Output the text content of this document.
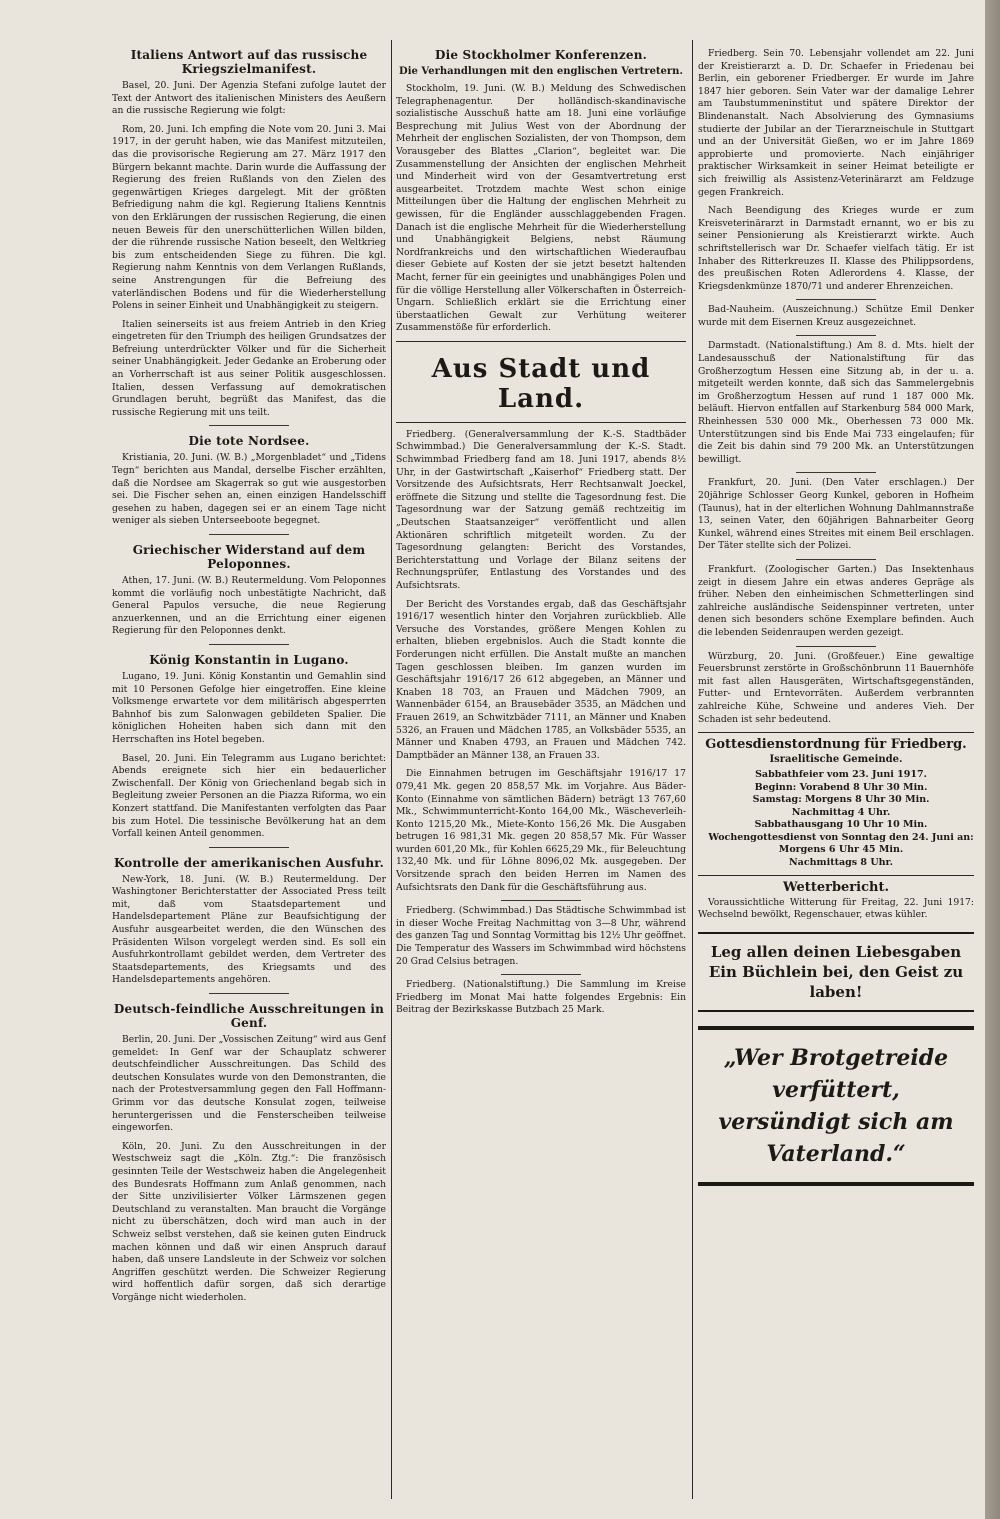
Italiens Antwort auf das russische Kriegszielmanifest.

Basel, 20. Juni. Der Agenzia Stefani zufolge lautet der Text der Antwort des italienischen Ministers des Aeußern an die russische Regierung wie folgt:

Rom, 20. Juni. Ich empfing die Note vom 20. Juni 3. Mai 1917, in der geruht haben, wie das Manifest mitzuteilen, das die provisorische Regierung am 27. März 1917 den Bürgern bekannt machte. Darin wurde die Auffassung der Regierung des freien Rußlands von den Zielen des gegenwärtigen Krieges dargelegt. Mit der größten Befriedigung nahm die kgl. Regierung Italiens Kenntnis von den Erklärungen der russischen Regierung, die einen neuen Beweis für den unerschütterlichen Willen bilden, der die rührende russische Nation beseelt, den Weltkrieg bis zum entscheidenden Siege zu führen. Die kgl. Regierung nahm Kenntnis von dem Verlangen Rußlands, seine Anstrengungen für die Befreiung des vaterländischen Bodens und für die Wiederherstellung Polens in seiner Einheit und Unabhängigkeit zu steigern.

Italien seinerseits ist aus freiem Antrieb in den Krieg eingetreten für den Triumph des heiligen Grundsatzes der Befreiung unterdrückter Völker und für die Sicherheit seiner Unabhängigkeit. Jeder Gedanke an Eroberung oder an Vorherrschaft ist aus seiner Politik ausgeschlossen. Italien, dessen Verfassung auf demokratischen Grundlagen beruht, begrüßt das Manifest, das die russische Regierung mit uns teilt.

Die tote Nordsee.

Kristiania, 20. Juni. (W. B.) „Morgenbladet“ und „Tidens Tegn“ berichten aus Mandal, derselbe Fischer erzählten, daß die Nordsee am Skagerrak so gut wie ausgestorben sei. Die Fischer sehen an, einen einzigen Handelsschiff gesehen zu haben, dagegen sei er an einem Tage nicht weniger als sieben Unterseeboote begegnet.

Griechischer Widerstand auf dem Peloponnes.

Athen, 17. Juni. (W. B.) Reutermeldung. Vom Peloponnes kommt die vorläufig noch unbestätigte Nachricht, daß General Papulos versuche, die neue Regierung anzuerkennen, und an die Errichtung einer eigenen Regierung für den Peloponnes denkt.

König Konstantin in Lugano.

Lugano, 19. Juni. König Konstantin und Gemahlin sind mit 10 Personen Gefolge hier eingetroffen. Eine kleine Volksmenge erwartete vor dem militärisch abgesperrten Bahnhof bis zum Salonwagen gebildeten Spalier. Die königlichen Hoheiten haben sich dann mit den Herrschaften ins Hotel begeben.

Basel, 20. Juni. Ein Telegramm aus Lugano berichtet: Abends ereignete sich hier ein bedauerlicher Zwischenfall. Der König von Griechenland begab sich in Begleitung zweier Personen an die Piazza Riforma, wo ein Konzert stattfand. Die Manifestanten verfolgten das Paar bis zum Hotel. Die tessinische Bevölkerung hat an dem Vorfall keinen Anteil genommen.

Kontrolle der amerikanischen Ausfuhr.

New-York, 18. Juni. (W. B.) Reutermeldung. Der Washingtoner Berichterstatter der Associated Press teilt mit, daß vom Staatsdepartement und Handelsdepartement Pläne zur Beaufsichtigung der Ausfuhr ausgearbeitet werden, die den Wünschen des Präsidenten Wilson vorgelegt werden sind. Es soll ein Ausfuhrkontrollamt gebildet werden, dem Vertreter des Staatsdepartements, des Kriegsamts und des Handelsdepartements angehören.

Deutsch-feindliche Ausschreitungen in Genf.

Berlin, 20. Juni. Der „Vossischen Zeitung“ wird aus Genf gemeldet: In Genf war der Schauplatz schwerer deutschfeindlicher Ausschreitungen. Das Schild des deutschen Konsulates wurde von den Demonstranten, die nach der Protestversammlung gegen den Fall Hoffmann-Grimm vor das deutsche Konsulat zogen, teilweise heruntergerissen und die Fensterscheiben teilweise eingeworfen.

Köln, 20. Juni. Zu den Ausschreitungen in der Westschweiz sagt die „Köln. Ztg.“: Die französisch gesinnten Teile der Westschweiz haben die Angelegenheit des Bundesrats Hoffmann zum Anlaß genommen, nach der Sitte unzivilisierter Völker Lärmszenen gegen Deutschland zu veranstalten. Man braucht die Vorgänge nicht zu überschätzen, doch wird man auch in der Schweiz selbst verstehen, daß sie keinen guten Eindruck machen können und daß wir einen Anspruch darauf haben, daß unsere Landsleute in der Schweiz vor solchen Angriffen geschützt werden. Die Schweizer Regierung wird hoffentlich dafür sorgen, daß sich derartige Vorgänge nicht wiederholen.

Die Stockholmer Konferenzen.
Die Verhandlungen mit den englischen Vertretern.

Stockholm, 19. Juni. (W. B.) Meldung des Schwedischen Telegraphenagentur. Der holländisch-skandinavische sozialistische Ausschuß hatte am 18. Juni eine vorläufige Besprechung mit Julius West von der Abordnung der Mehrheit der englischen Sozialisten, der von Thompson, dem Vorausgeber des Blattes „Clarion“, begleitet war. Die Zusammenstellung der Ansichten der englischen Mehrheit und Minderheit wird von der Gesamtvertretung erst ausgearbeitet. Trotzdem machte West schon einige Mitteilungen über die Haltung der englischen Mehrheit zu gewissen, für die Engländer ausschlaggebenden Fragen. Danach ist die englische Mehrheit für die Wiederherstellung und Unabhängigkeit Belgiens, nebst Räumung Nordfrankreichs und den wirtschaftlichen Wiederaufbau dieser Gebiete auf Kosten der sie jetzt besetzt haltenden Macht, ferner für ein geeinigtes und unabhängiges Polen und für die völlige Herstellung aller Völkerschaften in Österreich-Ungarn. Schließlich erklärt sie die Errichtung einer überstaatlichen Gewalt zur Verhütung weiterer Zusammenstöße für erforderlich.

Aus Stadt und Land.

Friedberg. (Generalversammlung der K.-S. Stadtbäder Schwimmbad.) Die Generalversammlung der K.-S. Stadt. Schwimmbad Friedberg fand am 18. Juni 1917, abends 8½ Uhr, in der Gastwirtschaft „Kaiserhof“ Friedberg statt. Der Vorsitzende des Aufsichtsrats, Herr Rechtsanwalt Joeckel, eröffnete die Sitzung und stellte die Tagesordnung fest. Die Tagesordnung war der Satzung gemäß rechtzeitig im „Deutschen Staatsanzeiger“ veröffentlicht und allen Aktionären schriftlich mitgeteilt worden. Zu der Tagesordnung gelangten: Bericht des Vorstandes, Berichterstattung und Vorlage der Bilanz seitens der Rechnungsprüfer, Entlastung des Vorstandes und des Aufsichtsrats.

Der Bericht des Vorstandes ergab, daß das Geschäftsjahr 1916/17 wesentlich hinter den Vorjahren zurückblieb. Alle Versuche des Vorstandes, größere Mengen Kohlen zu erhalten, blieben ergebnislos. Auch die Stadt konnte die Forderungen nicht erfüllen. Die Anstalt mußte an manchen Tagen geschlossen bleiben. Im ganzen wurden im Geschäftsjahr 1916/17 26 612 abgegeben, an Männer und Knaben 18 703, an Frauen und Mädchen 7909, an Wannenbäder 6154, an Brausebäder 3535, an Mädchen und Frauen 2619, an Schwitzbäder 7111, an Männer und Knaben 5326, an Frauen und Mädchen 1785, an Volksbäder 5535, an Männer und Knaben 4793, an Frauen und Mädchen 742. Damptbäder an Männer 138, an Frauen 33.

Die Einnahmen betrugen im Geschäftsjahr 1916/17 17 079,41 Mk. gegen 20 858,57 Mk. im Vorjahre. Aus Bäder-Konto (Einnahme von sämtlichen Bädern) beträgt 13 767,60 Mk., Schwimmunterricht-Konto 164,00 Mk., Wäscheverleih-Konto 1215,20 Mk., Miete-Konto 156,26 Mk. Die Ausgaben betrugen 16 981,31 Mk. gegen 20 858,57 Mk. Für Wasser wurden 601,20 Mk., für Kohlen 6625,29 Mk., für Beleuchtung 132,40 Mk. und für Löhne 8096,02 Mk. ausgegeben. Der Vorsitzende sprach den beiden Herren im Namen des Aufsichtsrats den Dank für die Geschäftsführung aus.

Friedberg. (Schwimmbad.) Das Städtische Schwimmbad ist in dieser Woche Freitag Nachmittag von 3—8 Uhr, während des ganzen Tag und Sonntag Vormittag bis 12½ Uhr geöffnet. Die Temperatur des Wassers im Schwimmbad wird höchstens 20 Grad Celsius betragen.

Friedberg. (Nationalstiftung.) Die Sammlung im Kreise Friedberg im Monat Mai hatte folgendes Ergebnis: Ein Beitrag der Bezirkskasse Butzbach 25 Mark.

Friedberg. Sein 70. Lebensjahr vollendet am 22. Juni der Kreistierarzt a. D. Dr. Schaefer in Friedenau bei Berlin, ein geborener Friedberger. Er wurde im Jahre 1847 hier geboren. Sein Vater war der damalige Lehrer am Taubstummeninstitut und spätere Direktor der Blindenanstalt. Nach Absolvierung des Gymnasiums studierte der Jubilar an der Tierarzneischule in Stuttgart und an der Universität Gießen, wo er im Jahre 1869 approbierte und promovierte. Nach einjähriger praktischer Wirksamkeit in seiner Heimat beteiligte er sich freiwillig als Assistenz-Veterinärarzt am Feldzuge gegen Frankreich.

Nach Beendigung des Krieges wurde er zum Kreisveterinärarzt in Darmstadt ernannt, wo er bis zu seiner Pensionierung als Kreistierarzt wirkte. Auch schriftstellerisch war Dr. Schaefer vielfach tätig. Er ist Inhaber des Ritterkreuzes II. Klasse des Philippsordens, des preußischen Roten Adlerordens 4. Klasse, der Kriegsdenkmünze 1870/71 und anderer Ehrenzeichen.

Bad-Nauheim. (Auszeichnung.) Schütze Emil Denker wurde mit dem Eisernen Kreuz ausgezeichnet.

Darmstadt. (Nationalstiftung.) Am 8. d. Mts. hielt der Landesausschuß der Nationalstiftung für das Großherzogtum Hessen eine Sitzung ab, in der u. a. mitgeteilt werden konnte, daß sich das Sammelergebnis im Großherzogtum Hessen auf rund 1 187 000 Mk. beläuft. Hiervon entfallen auf Starkenburg 584 000 Mark, Rheinhessen 530 000 Mk., Oberhessen 73 000 Mk. Unterstützungen sind bis Ende Mai 733 eingelaufen; für die Zeit bis dahin sind 79 200 Mk. an Unterstützungen bewilligt.

Frankfurt, 20. Juni. (Den Vater erschlagen.) Der 20jährige Schlosser Georg Kunkel, geboren in Hofheim (Taunus), hat in der elterlichen Wohnung Dahlmannstraße 13, seinen Vater, den 60jährigen Bahnarbeiter Georg Kunkel, während eines Streites mit einem Beil erschlagen. Der Täter stellte sich der Polizei.

Frankfurt. (Zoologischer Garten.) Das Insektenhaus zeigt in diesem Jahre ein etwas anderes Gepräge als früher. Neben den einheimischen Schmetterlingen sind zahlreiche ausländische Seidenspinner vertreten, unter denen sich besonders schöne Exemplare befinden. Auch die lebenden Seidenraupen werden gezeigt.

Würzburg, 20. Juni. (Großfeuer.) Eine gewaltige Feuersbrunst zerstörte in Großschönbrunn 11 Bauernhöfe mit fast allen Hausgeräten, Wirtschaftsgegenständen, Futter- und Erntevorräten. Außerdem verbrannten zahlreiche Kühe, Schweine und anderes Vieh. Der Schaden ist sehr bedeutend.

Gottesdienstordnung für Friedberg.
Israelitische Gemeinde.

Sabbathfeier vom 23. Juni 1917.

Beginn: Vorabend 8 Uhr 30 Min.

Samstag: Morgens 8 Uhr 30 Min.

Nachmittag 4 Uhr.

Sabbathausgang 10 Uhr 10 Min.

Wochengottesdienst von Sonntag den 24. Juni an:

Morgens 6 Uhr 45 Min.

Nachmittags 8 Uhr.

Wetterbericht.

Voraussichtliche Witterung für Freitag, 22. Juni 1917: Wechselnd bewölkt, Regenschauer, etwas kühler.

Leg allen deinen Liebesgaben
Ein Büchlein bei, den Geist zu laben!
„Wer Brotgetreide verfüttert,
versündigt sich am Vaterland.“
